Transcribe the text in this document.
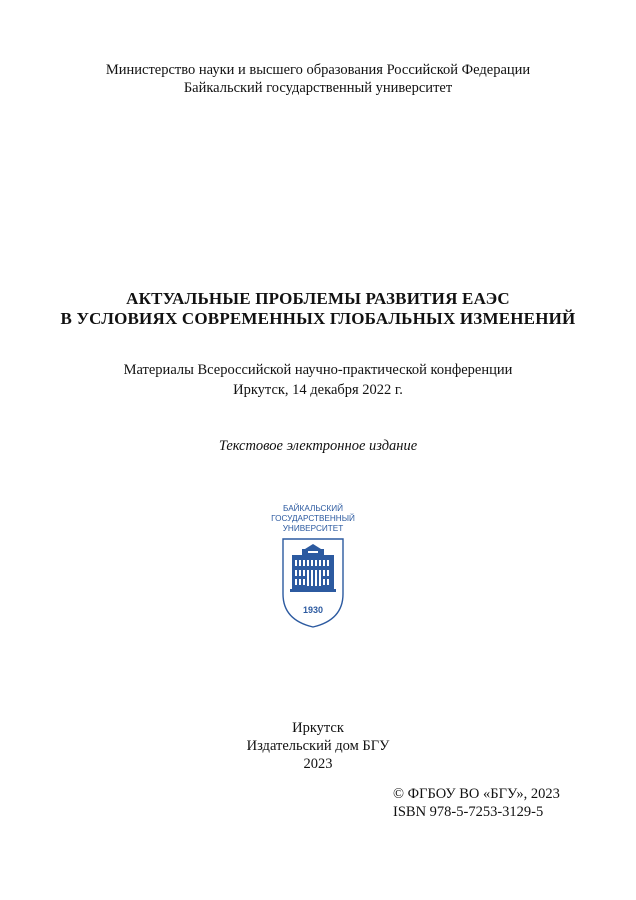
Министерство науки и высшего образования Российской Федерации
Байкальский государственный университет
АКТУАЛЬНЫЕ ПРОБЛЕМЫ РАЗВИТИЯ ЕАЭС
В УСЛОВИЯХ СОВРЕМЕННЫХ ГЛОБАЛЬНЫХ ИЗМЕНЕНИЙ
Материалы Всероссийской научно-практической конференции
Иркутск, 14 декабря 2022 г.
Текстовое электронное издание
БАЙКАЛЬСКИЙ
ГОСУДАРСТВЕННЫЙ
УНИВЕРСИТЕТ
1930
Иркутск
Издательский дом БГУ
2023
© ФГБОУ ВО «БГУ», 2023
ISBN 978-5-7253-3129-5
